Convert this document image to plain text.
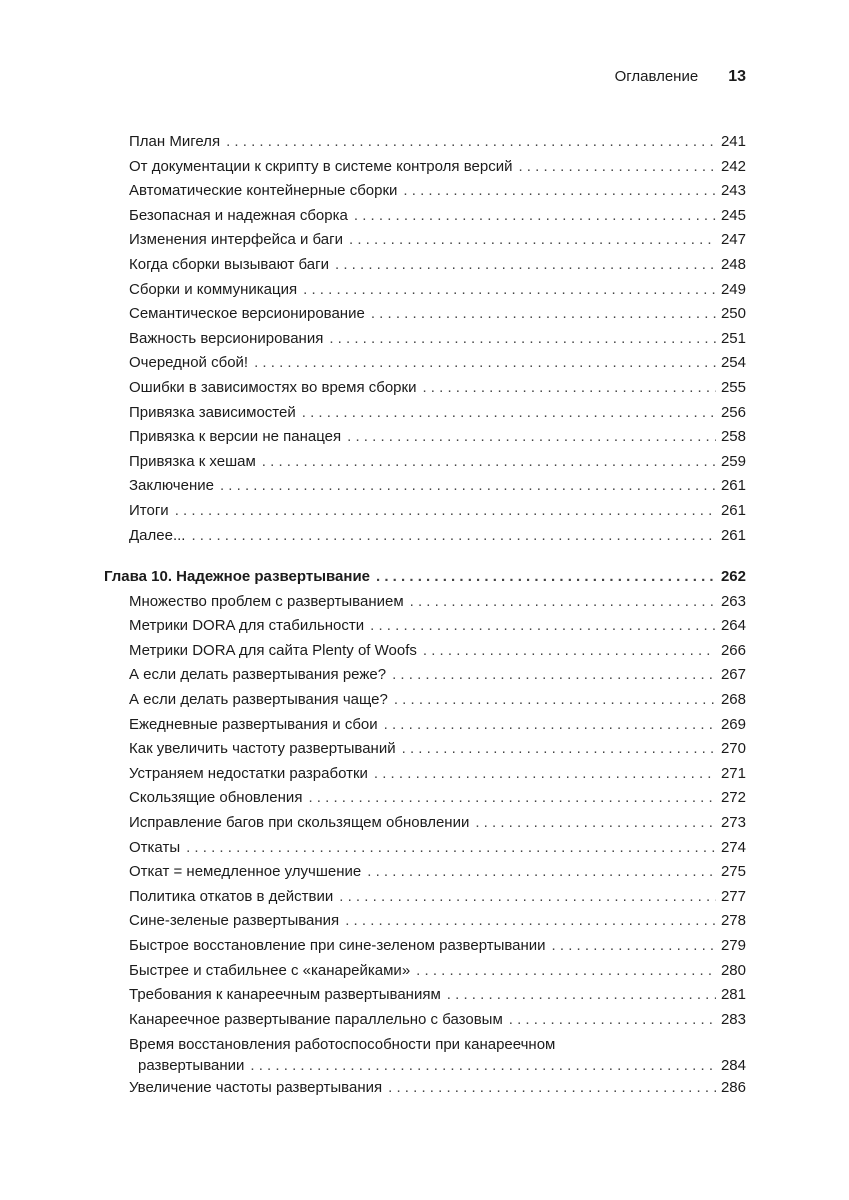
Оглавление 13
План Мигеля . . .	241
От документации к скрипту в системе контроля версий . . .	242
Автоматические контейнерные сборки . . .	243
Безопасная и надежная сборка . . .	245
Изменения интерфейса и баги . . .	247
Когда сборки вызывают баги . . .	248
Сборки и коммуникация . . .	249
Семантическое версионирование . . .	250
Важность версионирования . . .	251
Очередной сбой! . . .	254
Ошибки в зависимостях во время сборки . . .	255
Привязка зависимостей . . .	256
Привязка к версии не панацея . . .	258
Привязка к хешам . . .	259
Заключение . . .	261
Итоги . . .	261
Далее... . . .	261
Глава 10. Надежное развертывание . . .	262
Множество проблем с развертыванием . . .	263
Метрики DORA для стабильности . . .	264
Метрики DORA для сайта Plenty of Woofs . . .	266
А если делать развертывания реже? . . .	267
А если делать развертывания чаще? . . .	268
Ежедневные развертывания и сбои . . .	269
Как увеличить частоту развертываний . . .	270
Устраняем недостатки разработки . . .	271
Скользящие обновления . . .	272
Исправление багов при скользящем обновлении . . .	273
Откаты . . .	274
Откат = немедленное улучшение . . .	275
Политика откатов в действии . . .	277
Сине-зеленые развертывания . . .	278
Быстрое восстановление при сине-зеленом развертывании . . .	279
Быстрее и стабильнее с «канарейками» . . .	280
Требования к канареечным развертываниям . . .	281
Канареечное развертывание параллельно с базовым . . .	283
Время восстановления работоспособности при канареечном
развертывании . . .	284
Увеличение частоты развертывания . . .	286
